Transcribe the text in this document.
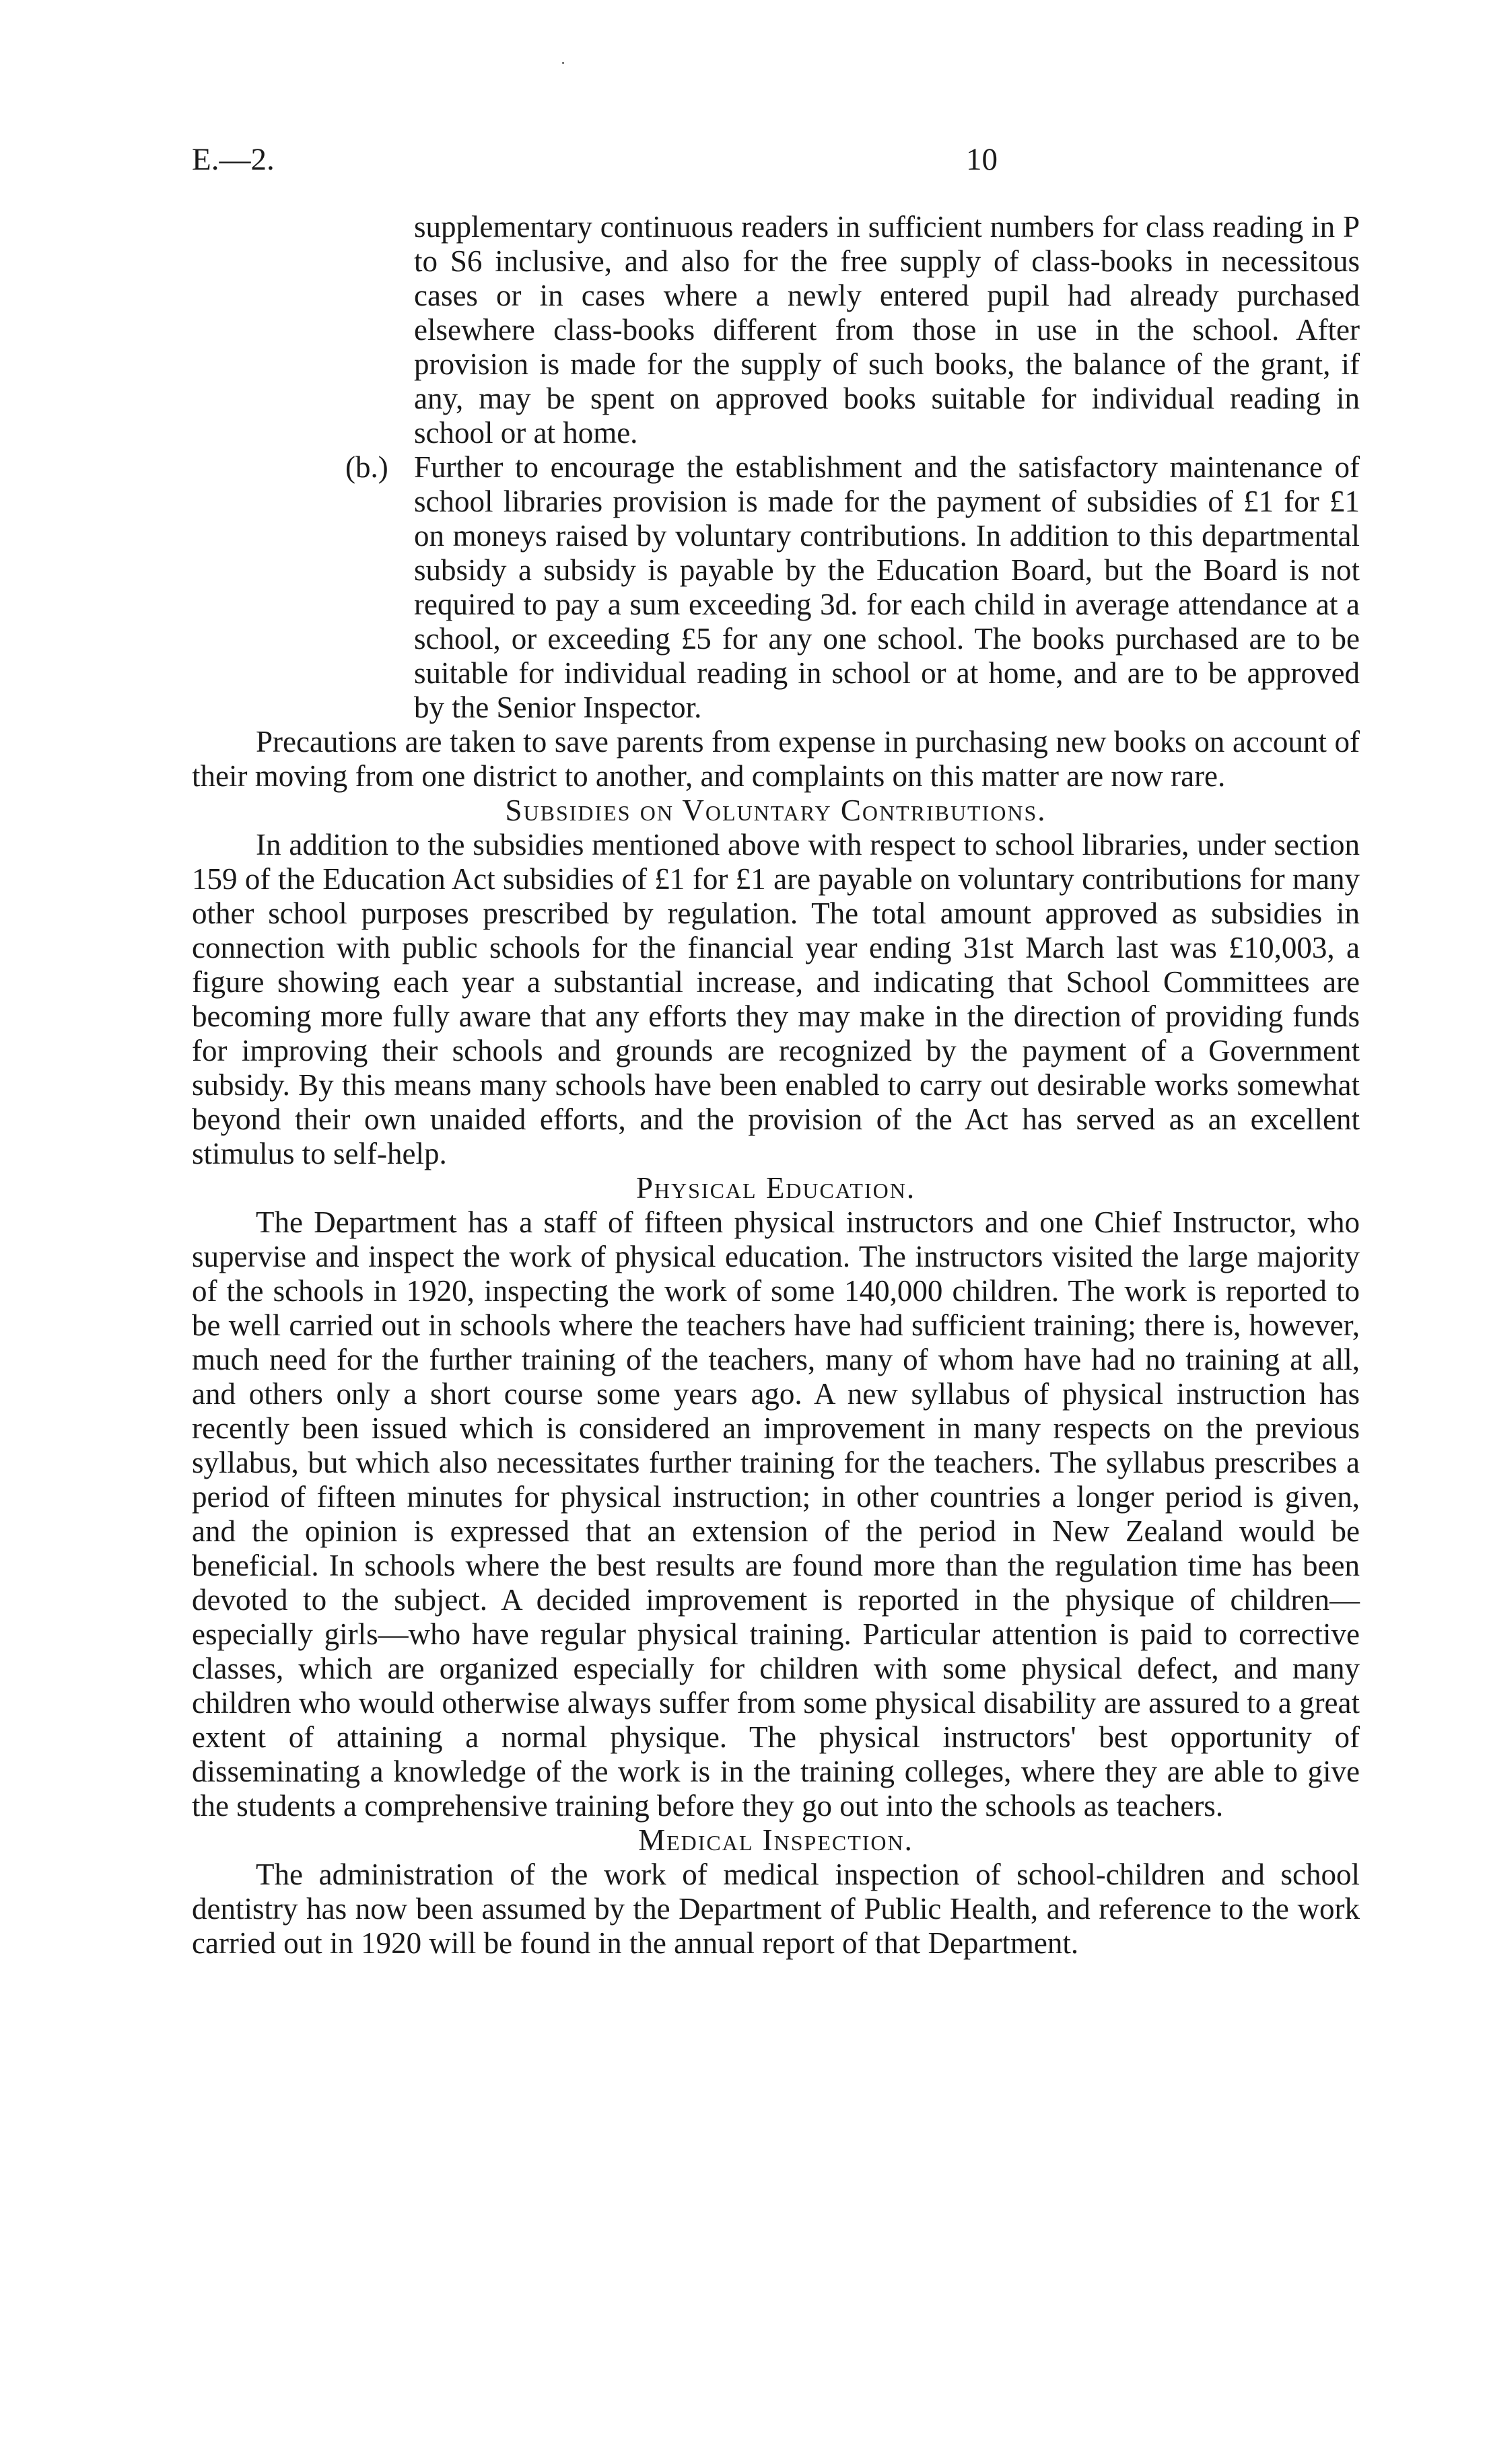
E.—2.	10

supplementary continuous readers in sufficient numbers for class reading in P to S6 inclusive, and also for the free supply of class-books in necessitous cases or in cases where a newly entered pupil had already purchased elsewhere class-books different from those in use in the school. After provision is made for the supply of such books, the balance of the grant, if any, may be spent on approved books suitable for individual reading in school or at home.

(b.) Further to encourage the establishment and the satisfactory maintenance of school libraries provision is made for the payment of subsidies of £1 for £1 on moneys raised by voluntary contributions. In addition to this departmental subsidy a subsidy is payable by the Education Board, but the Board is not required to pay a sum exceeding 3d. for each child in average attendance at a school, or exceeding £5 for any one school. The books purchased are to be suitable for individual reading in school or at home, and are to be approved by the Senior Inspector.

Precautions are taken to save parents from expense in purchasing new books on account of their moving from one district to another, and complaints on this matter are now rare.

Subsidies on Voluntary Contributions.

In addition to the subsidies mentioned above with respect to school libraries, under section 159 of the Education Act subsidies of £1 for £1 are payable on voluntary contributions for many other school purposes prescribed by regulation. The total amount approved as subsidies in connection with public schools for the financial year ending 31st March last was £10,003, a figure showing each year a substantial increase, and indicating that School Committees are becoming more fully aware that any efforts they may make in the direction of providing funds for improving their schools and grounds are recognized by the payment of a Government subsidy. By this means many schools have been enabled to carry out desirable works somewhat beyond their own unaided efforts, and the provision of the Act has served as an excellent stimulus to self-help.

Physical Education.

The Department has a staff of fifteen physical instructors and one Chief Instructor, who supervise and inspect the work of physical education. The instructors visited the large majority of the schools in 1920, inspecting the work of some 140,000 children. The work is reported to be well carried out in schools where the teachers have had sufficient training; there is, however, much need for the further training of the teachers, many of whom have had no training at all, and others only a short course some years ago. A new syllabus of physical instruction has recently been issued which is considered an improvement in many respects on the previous syllabus, but which also necessitates further training for the teachers. The syllabus prescribes a period of fifteen minutes for physical instruction; in other countries a longer period is given, and the opinion is expressed that an extension of the period in New Zealand would be beneficial. In schools where the best results are found more than the regulation time has been devoted to the subject. A decided improvement is reported in the physique of children—especially girls—who have regular physical training. Particular attention is paid to corrective classes, which are organized especially for children with some physical defect, and many children who would otherwise always suffer from some physical disability are assured to a great extent of attaining a normal physique. The physical instructors' best opportunity of disseminating a knowledge of the work is in the training colleges, where they are able to give the students a comprehensive training before they go out into the schools as teachers.

Medical Inspection.

The administration of the work of medical inspection of school-children and school dentistry has now been assumed by the Department of Public Health, and reference to the work carried out in 1920 will be found in the annual report of that Department.
